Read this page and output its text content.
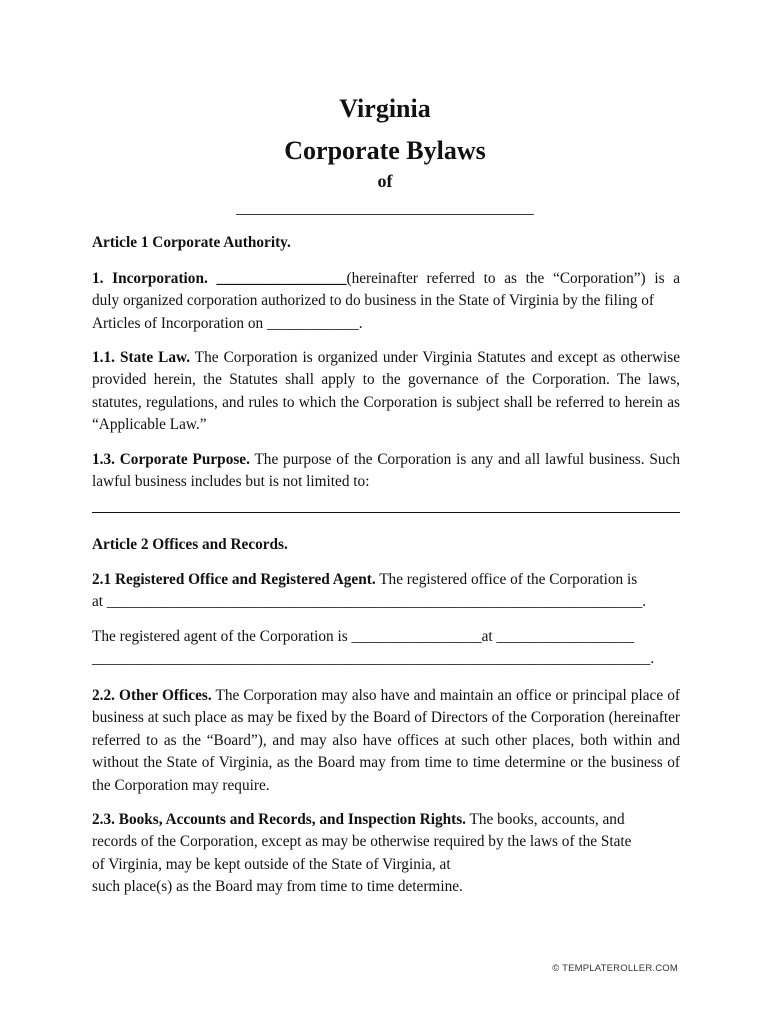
Virginia
Corporate Bylaws
of
___________________________________
Article 1 Corporate Authority.
1. Incorporation. _________________(hereinafter referred to as the “Corporation”) is a
duly organized corporation authorized to do business in the State of Virginia by the filing of Articles of Incorporation on ____________.
1.1. State Law. The Corporation is organized under Virginia Statutes and except as otherwise provided herein, the Statutes shall apply to the governance of the Corporation. The laws, statutes, regulations, and rules to which the Corporation is subject shall be referred to herein as “Applicable Law.”
1.3. Corporate Purpose. The purpose of the Corporation is any and all lawful business. Such lawful business includes but is not limited to:
Article 2 Offices and Records.
2.1 Registered Office and Registered Agent. The registered office of the Corporation is
at ______________________________________________________________________.
The registered agent of the Corporation is _________________at __________________
_________________________________________________________________________.
2.2. Other Offices. The Corporation may also have and maintain an office or principal place of business at such place as may be fixed by the Board of Directors of the Corporation (hereinafter referred to as the “Board”), and may also have offices at such other places, both within and without the State of Virginia, as the Board may from time to time determine or the business of the Corporation may require.
2.3. Books, Accounts and Records, and Inspection Rights. The books, accounts, and
records of the Corporation, except as may be otherwise required by the laws of the State
of Virginia, may be kept outside of the State of Virginia, at
such place(s) as the Board may from time to time determine.
© TEMPLATEROLLER.COM
